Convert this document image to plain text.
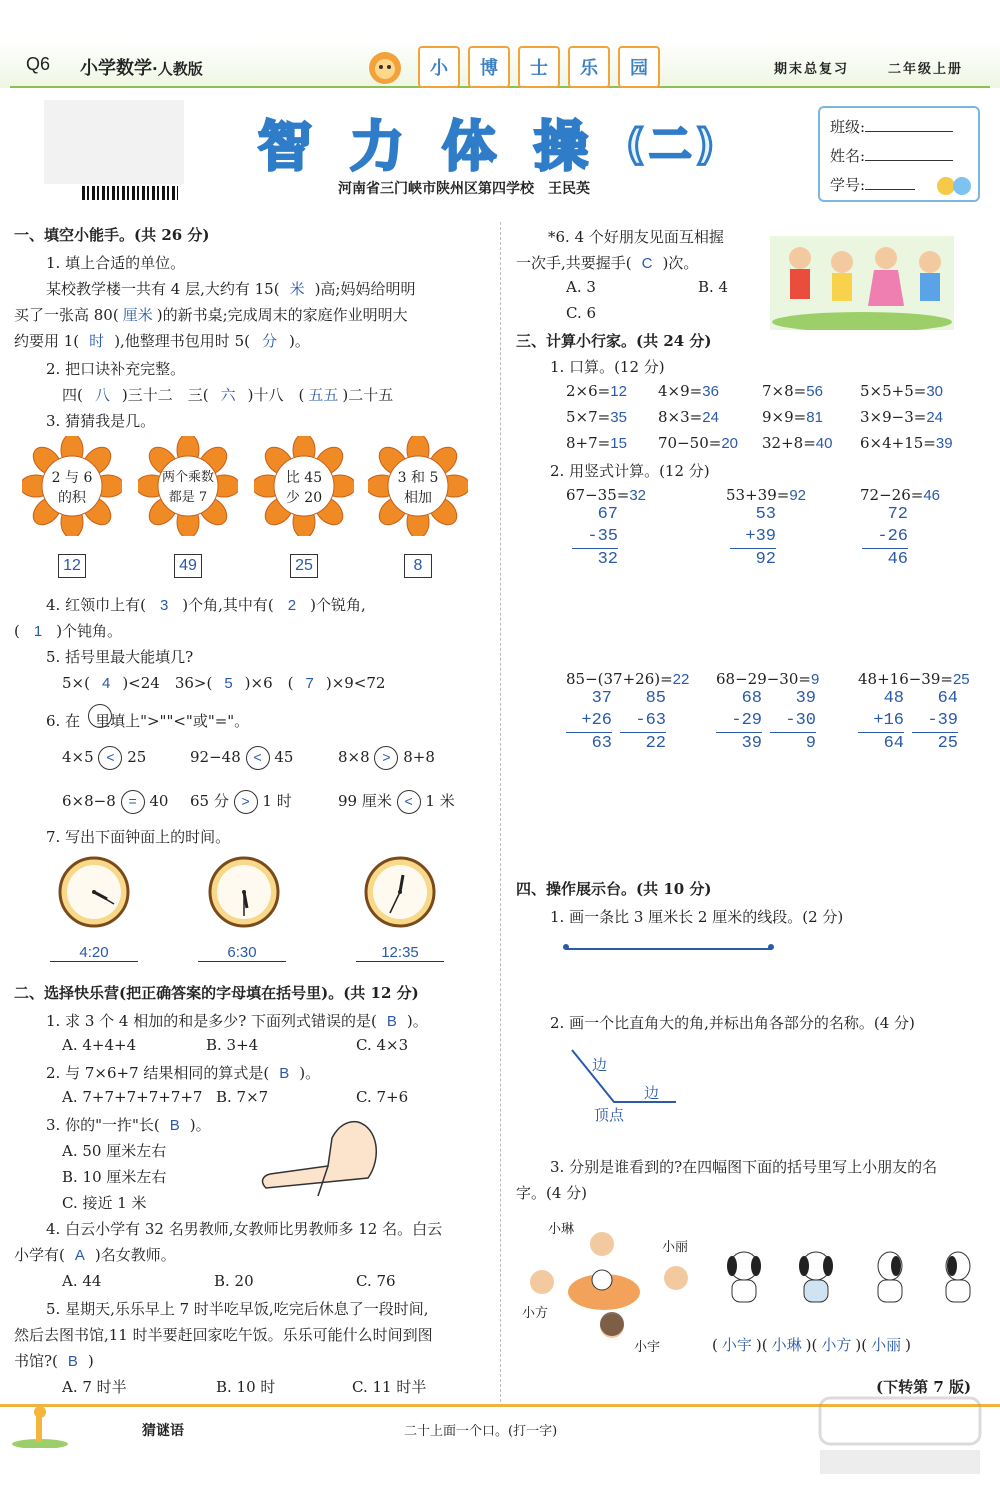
Q6 小学数学·人教版	小	博	士	乐	园	期末总复习	二年级上册
智 力 体 操 (二)
河南省三门峡市陕州区第四学校　王民英
班级:
姓名:
学号:
一、填空小能手。(共 26 分)
1. 填上合适的单位。
某校教学楼一共有 4 层,大约有 15( 米 )高;妈妈给明明
买了一张高 80( 厘米 )的新书桌;完成周末的家庭作业明明大
约要用 1( 时 ),他整理书包用时 5( 分 )。
2. 把口诀补充完整。
四( 八 )三十二　三( 六 )十八　( 五五 )二十五
3. 猜猜我是几。
2 与 6
的积
12
两个乘数
都是 7
49
比 45
少 20
25
3 和 5
相加
8
4. 红领巾上有( 3 )个角,其中有( 2 )个锐角,
( 1 )个钝角。
5. 括号里最大能填几?
5×( 4 )<24　36>( 5 )×6　( 7 )×9<72
6. 在　里填上">""<"或"="。
4×5 < 25	92−48 < 45	8×8 > 8+8
6×8−8 = 40 65 分 > 1 时	99 厘米 < 1 米
7. 写出下面钟面上的时间。
4:20	6:30	12:35
二、选择快乐营(把正确答案的字母填在括号里)。(共 12 分)
1. 求 3 个 4 相加的和是多少? 下面列式错误的是( B )。
A. 4+4+4	B. 3+4	C. 4×3
2. 与 7×6+7 结果相同的算式是( B )。
A. 7+7+7+7+7+7 B. 7×7	C. 7+6
3. 你的"一拃"长( B )。
A. 50 厘米左右
B. 10 厘米左右
C. 接近 1 米
4. 白云小学有 32 名男教师,女教师比男教师多 12 名。白云
小学有( A )名女教师。
A. 44	B. 20	C. 76
5. 星期天,乐乐早上 7 时半吃早饭,吃完后休息了一段时间,
然后去图书馆,11 时半要赶回家吃午饭。乐乐可能什么时间到图
书馆?( B )
A. 7 时半	B. 10 时	C. 11 时半
*6. 4 个好朋友见面互相握
一次手,共要握手( C )次。
A. 3	B. 4
C. 6
三、计算小行家。(共 24 分)
1. 口算。(12 分)
2×6=12 4×9=36	7×8=56 5×5+5=30
5×7=35 8×3=24	9×9=81 3×9−3=24
8+7=15 70−50=20 32+8=40 6×4+15=39
2. 用竖式计算。(12 分)
67−35=32
67
-35
32
53+39=92
53
+39
92
72−26=46
72
-26
46
85−(37+26)=22
37
+26
63
85
-63
22
68−29−30=9
68
-29
39
39
-30
9
48+16−39=25
48
+16
64
64
-39
25
四、操作展示台。(共 10 分)
1. 画一条比 3 厘米长 2 厘米的线段。(2 分)
2. 画一个比直角大的角,并标出角各部分的名称。(4 分)
边
边
顶点
3. 分别是谁看到的?在四幅图下面的括号里写上小朋友的名
字。(4 分)
小琳
小丽
小方
小宇	( 小宇 )( 小琳 )( 小方 )( 小丽 )
(下转第 7 版)
猜谜语	二十上面一个口。(打一字)
